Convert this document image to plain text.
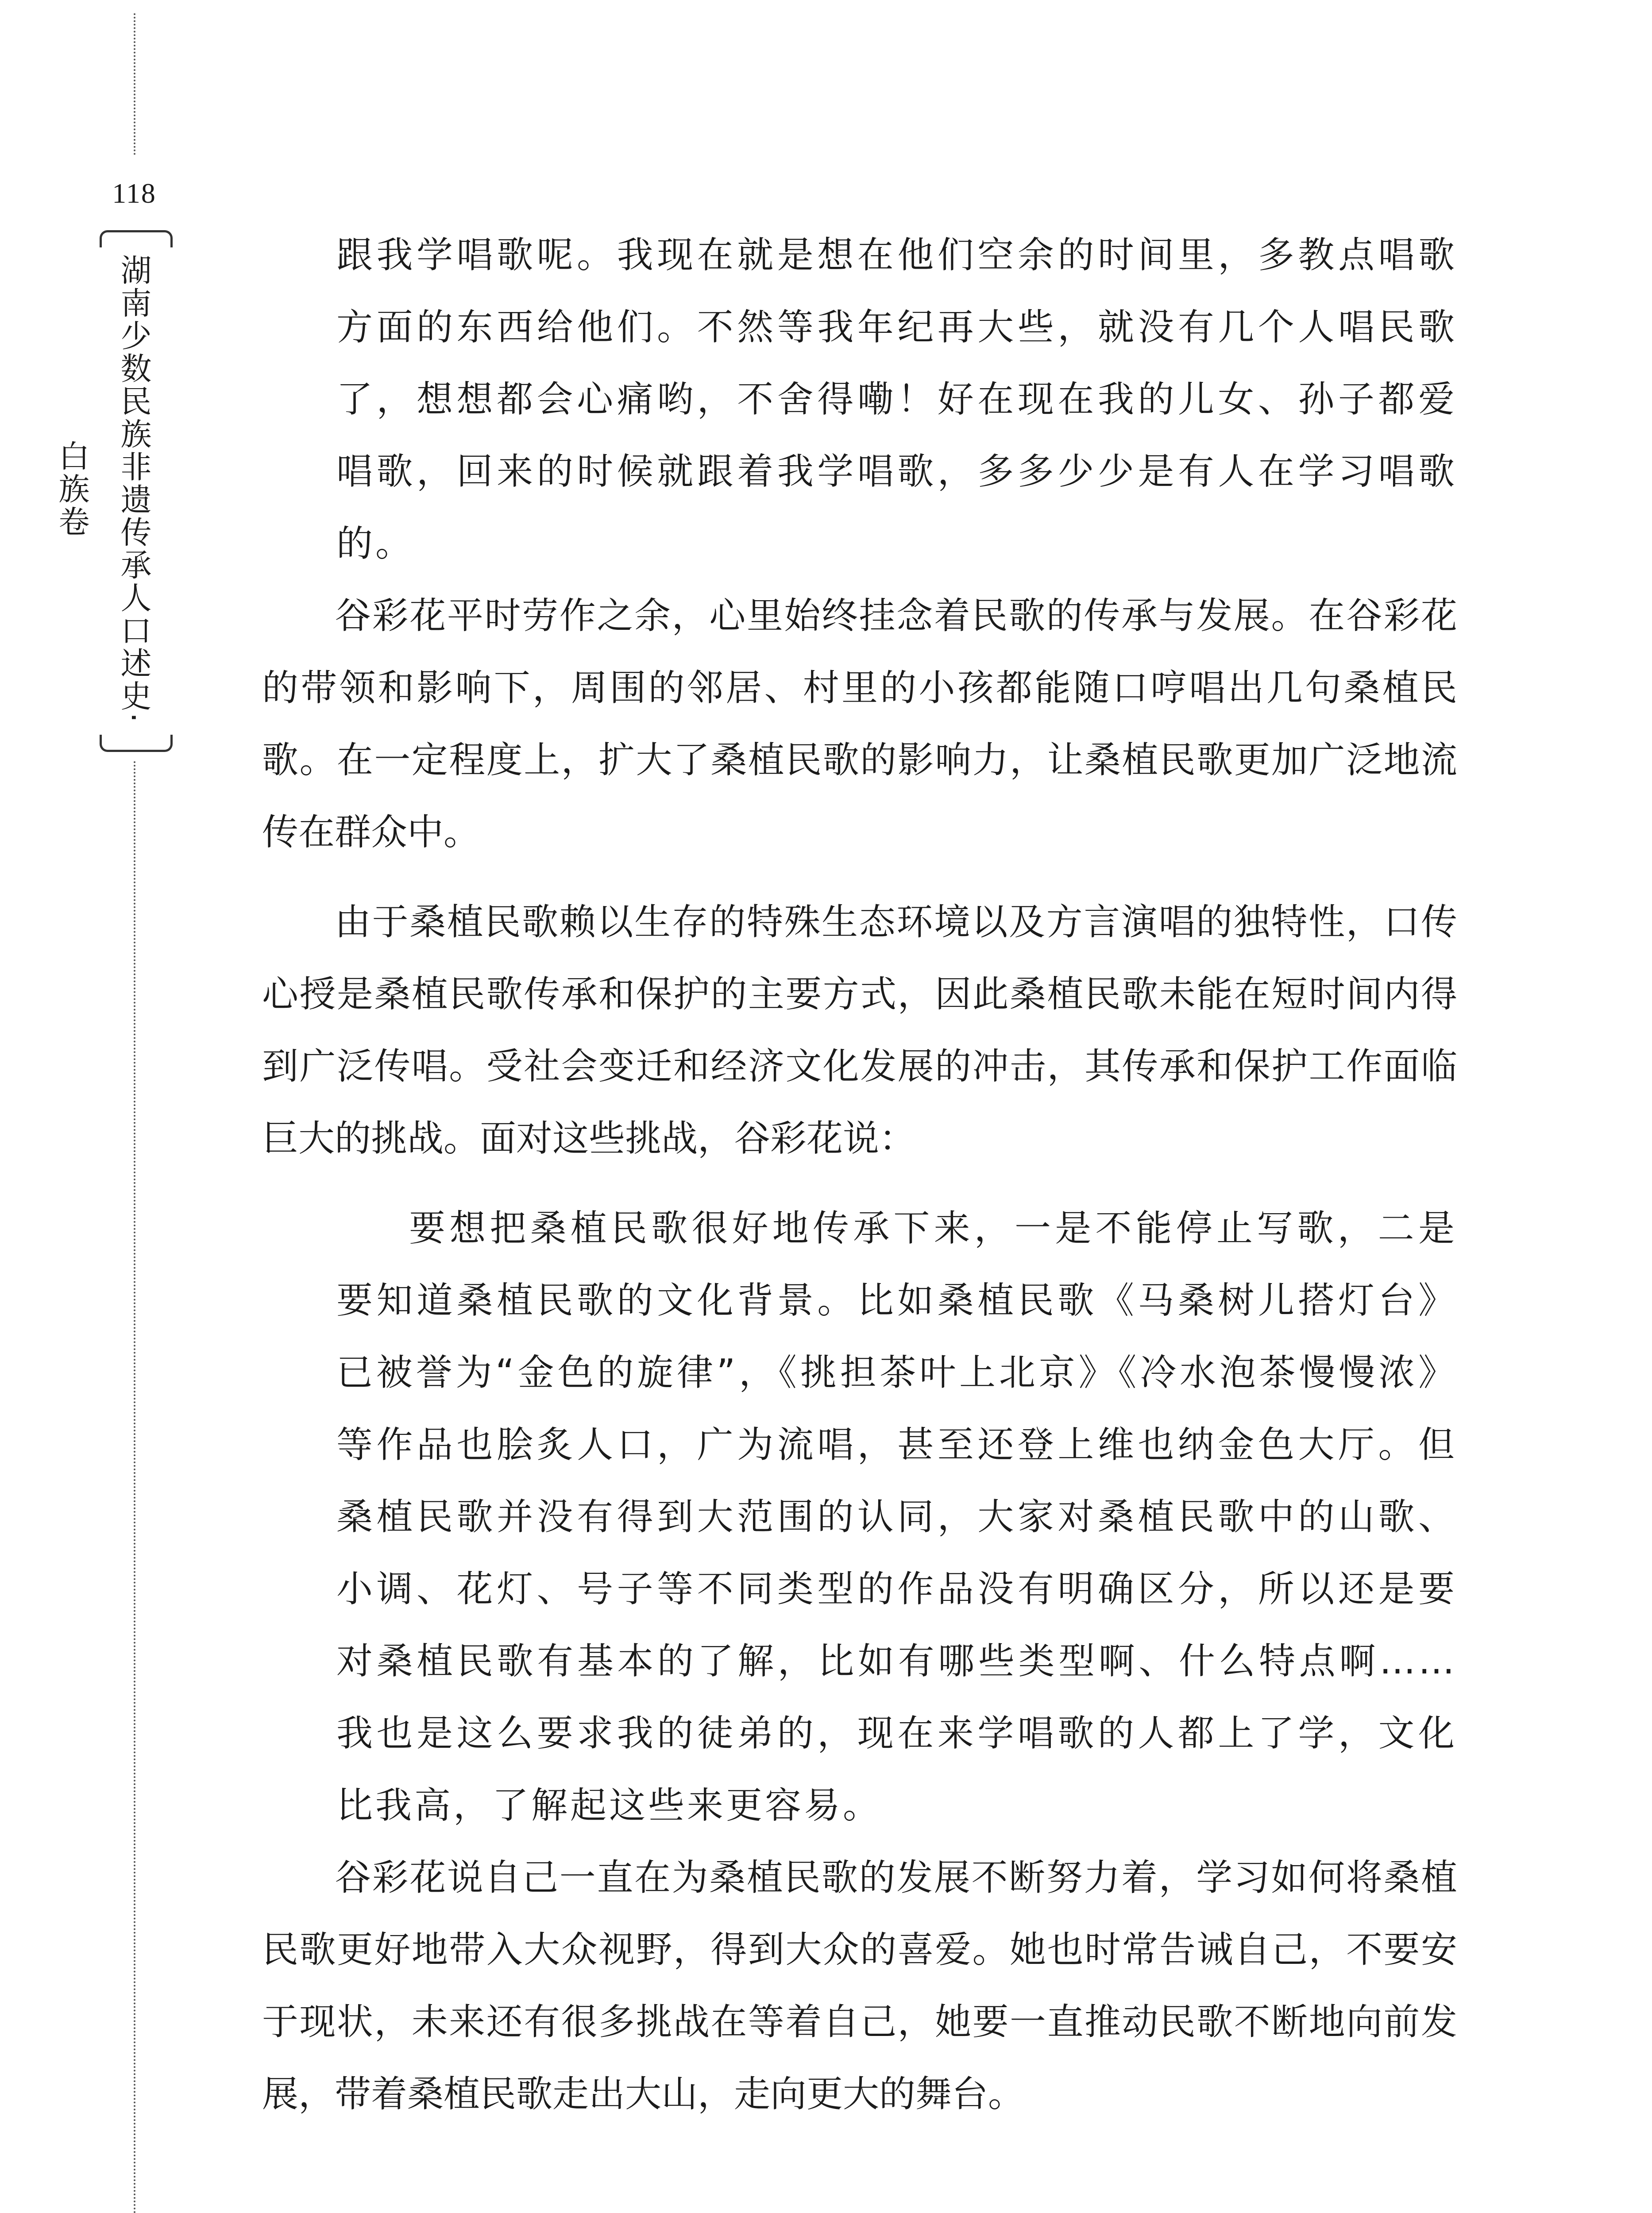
118
湖南少数民族非遗传承人口述史·白族卷

跟我学唱歌呢。我现在就是想在他们空余的时间里，多教点唱歌方面的东西给他们。不然等我年纪再大些，就没有几个人唱民歌了，想想都会心痛哟，不舍得嘞！好在现在我的儿女、孙子都爱唱歌，回来的时候就跟着我学唱歌，多多少少是有人在学习唱歌的。

谷彩花平时劳作之余，心里始终挂念着民歌的传承与发展。在谷彩花的带领和影响下，周围的邻居、村里的小孩都能随口哼唱出几句桑植民歌。在一定程度上，扩大了桑植民歌的影响力，让桑植民歌更加广泛地流传在群众中。

由于桑植民歌赖以生存的特殊生态环境以及方言演唱的独特性，口传心授是桑植民歌传承和保护的主要方式，因此桑植民歌未能在短时间内得到广泛传唱。受社会变迁和经济文化发展的冲击，其传承和保护工作面临巨大的挑战。面对这些挑战，谷彩花说：

要想把桑植民歌很好地传承下来，一是不能停止写歌，二是要知道桑植民歌的文化背景。比如桑植民歌《马桑树儿搭灯台》已被誉为“金色的旋律”，《挑担茶叶上北京》《冷水泡茶慢慢浓》等作品也脍炙人口，广为流唱，甚至还登上维也纳金色大厅。但桑植民歌并没有得到大范围的认同，大家对桑植民歌中的山歌、小调、花灯、号子等不同类型的作品没有明确区分，所以还是要对桑植民歌有基本的了解，比如有哪些类型啊、什么特点啊……我也是这么要求我的徒弟的，现在来学唱歌的人都上了学，文化比我高，了解起这些来更容易。

谷彩花说自己一直在为桑植民歌的发展不断努力着，学习如何将桑植民歌更好地带入大众视野，得到大众的喜爱。她也时常告诫自己，不要安于现状，未来还有很多挑战在等着自己，她要一直推动民歌不断地向前发展，带着桑植民歌走出大山，走向更大的舞台。
